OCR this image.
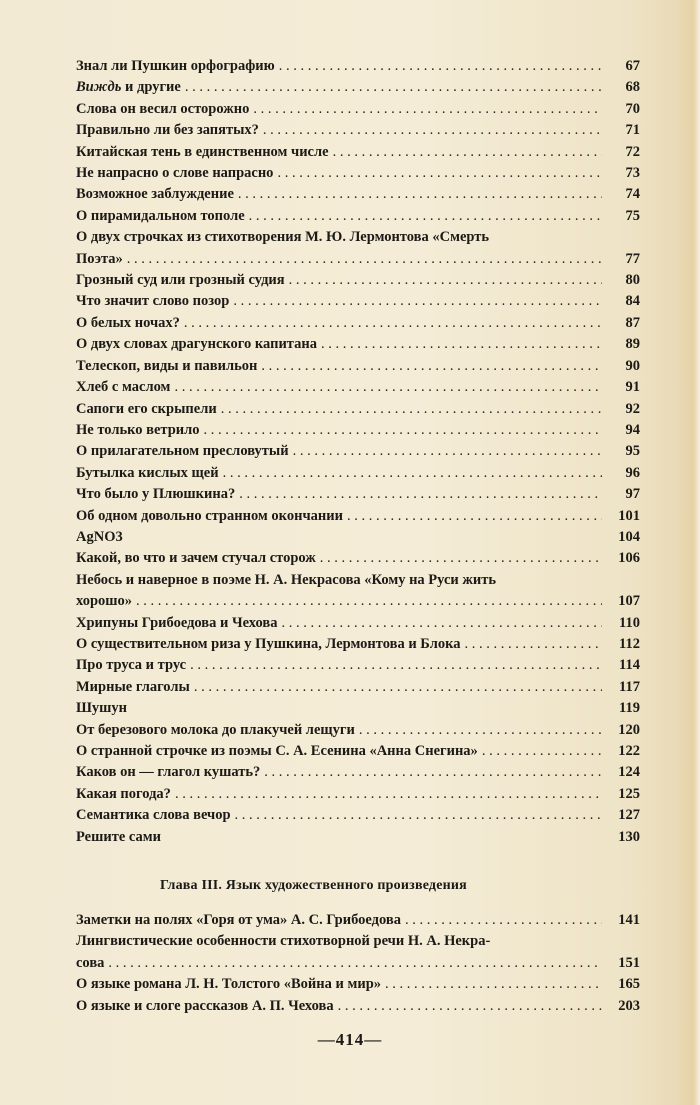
Знал ли Пушкин орфографию . . .	67
Виждь и другие . . .	68
Слова он весил осторожно . . .	70
Правильно ли без запятых? . . .	71
Китайская тень в единственном числе . . .	72
Не напрасно о слове напрасно . . .	73
Возможное заблуждение . . .	74
О пирамидальном тополе . . .	75
О двух строчках из стихотворения М. Ю. Лермонтова «Смерть
Поэта» . . .	77
Грозный суд или грозный судия . . .	80
Что значит слово позор . . .	84
О белых ночах? . . .	87
О двух словах драгунского капитана . . .	89
Телескоп, виды и павильон . . .	90
Хлеб с маслом . . .	91
Сапоги его скрыпели . . .	92
Не только ветрило . . .	94
О прилагательном пресловутый . . .	95
Бутылка кислых щей . . .	96
Что было у Плюшкина? . . .	97
Об одном довольно странном окончании . . .	101
AgNO3	104
Какой, во что и зачем стучал сторож . . .	106
Небось и наверное в поэме Н. А. Некрасова «Кому на Руси жить
хорошо» . . .	107
Хрипуны Грибоедова и Чехова . . .	110
О существительном риза у Пушкина, Лермонтова и Блока . . .	112
Про труса и трус . . .	114
Мирные глаголы . . .	117
Шушун	119
От березового молока до плакучей лещуги . . .	120
О странной строчке из поэмы С. А. Есенина «Анна Снегина» . . .	122
Каков он — глагол кушать? . . .	124
Какая погода? . . .	125
Семантика слова вечор . . .	127
Решите сами	130
Глава III. Язык художественного произведения
Заметки на полях «Горя от ума» А. С. Грибоедова . . .	141
Лингвистические особенности стихотворной речи Н. А. Некра-
сова . . .	151
О языке романа Л. Н. Толстого «Война и мир» . . .	165
О языке и слоге рассказов А. П. Чехова . . .	203
—414—
